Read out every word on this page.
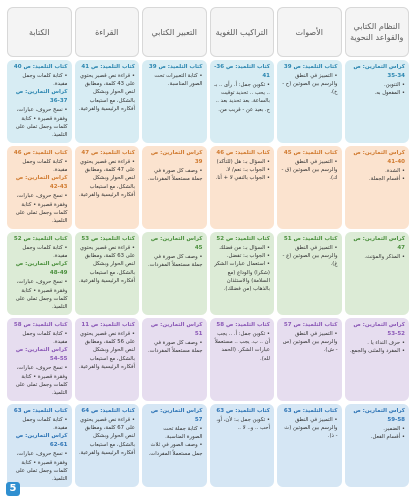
الكتابة	القراءة	التعبير الكتابي	التراكيب اللغوية	الأصوات	النظام الكتابي والقواعد النحوية

كتاب التلميذ: ص 40
• كتابة كلمات وجمل مفيدة.
كراس التمارين: ص 37-36
• نسخ حروف، عبارات، وفقرة قصيرة • كتابة كلمات وجمل تملى على التلميذ.	كتاب التلميذ: ص 41
• قراءة نص قصير يحتوي على 43 كلمة، ومطابق لنص الحوار وبشكل بالشكل، مع استيعاب أفكاره الرئيسية والفرعية.	كتاب التلميذ: ص 39
• كتابة التعبيرات تحت الصور المناسبة.	كتاب التلميذ: ص 36-41
• تكوين جمل: أ. رأى .. بـ .. يحب .. تحديد توقيت بالساعة. بعد تحديد بعد .. ج. بعيد عن - قريب من.	كتاب التلميذ: ص 39
• التمييز في النطق والرسم بين الصوتين (ح - خ).	كراس التمارين: ص 34-35
• التنوين.
• المفعول به.

كتاب التلميذ: ص 46
• كتابة كلمات وجمل مفيدة.
كراس التمارين: ص 43-42
• نسخ حروف، عبارات، وفقرة قصيرة • كتابة كلمات وجمل تملى على التلميذ.	كتاب التلميذ: ص 47
• قراءة نص قصير يحتوي على 47 كلمة، ومطابق لنص الحوار وبشكل بالشكل، مع استيعاب أفكاره الرئيسية والفرعية.	كراس التمارين: ص 39
• وصف كل صورة في جملة مستعملاً المفردات.	كتاب التلميذ: ص 46
• السؤال بـ: هل (للتأكد)
• الجواب بـ: نعم/ لا.
• الجواب بالنفي لا + أنا.	كتاب التلميذ: ص 45
• التمييز في النطق والرسم بين الصوتين (ق - ك).	كراس التمارين: ص 40-41
• الشدة.
• أقسام الجملة.

كتاب التلميذ: ص 52
• كتابة كلمات وجمل مفيدة.
كراس التمارين: ص 49-48
• نسخ حروف، عبارات، وفقرة قصيرة • كتابة كلمات وجمل تملى على التلميذ.	كتاب التلميذ: ص 53
• قراءة نص قصير يحتوي على 63 كلمة، ومطابق لنص الحوار وبشكل بالشكل، مع استيعاب أفكاره الرئيسية والفرعية.	كراس التمارين: ص 45
• وصف كل صورة في جملة مستعملاً المفردات.	كتاب التلميذ: ص 52
• السؤال بـ: من فضلك
• الجواب بـ: تفضل.
• استعمال عبارات الشكر (شكرا) والوداع (مع السلامة) والاستئذان بالذهاب (من فضلك).	كتاب التلميذ: ص 51
• التمييز في النطق والرسم بين الصوتين (ع - غ).	كراس التمارين: ص 47
• المذكر والمؤنث.

كتاب التلميذ: ص 58
• كتابة كلمات وجمل مفيدة.
كراس التمارين: ص 55-54
• نسخ حروف، عبارات، وفقرة قصيرة • كتابة كلمات وجمل تملى على التلميذ.	كتاب التلميذ: ص 11
• قراءة نص قصير يحتوي على 56 كلمة، ومطابق لنص الحوار وبشكل بالشكل، مع استيعاب أفكاره الرئيسية والفرعية.	كراس التمارين: ص 51
• وصف كل صورة في جملة مستعملاً المفردات.	كتاب التلميذ: ص 58
• تكوين جمل: أ. .. يجب أن .. ب. يجب .. مستعملاً عبارات الشكر. (الحمد لله).	كتاب التلميذ: ص 57
• التمييز في النطق والرسم بين الصوتين (س - ش).	كراس التمارين: ص 52-53
• حرف النداء يا .
• المفرد والمثنى والجمع.

كتاب التلميذ: ص 63
• كتابة كلمات وجمل مفيدة.
كراس التمارين: ص 61-62
• نسخ حروف، عبارات، وفقرة قصيرة • كتابة كلمات وجمل تملى على التلميذ.	كتاب التلميذ: ص 64
• قراءة نص قصير يحتوي على 67 كلمة، ومطابق لنص الحوار وبشكل بالشكل، مع استيعاب أفكاره الرئيسية والفرعية.	كراس التمارين: ص 57
• كتابة جملة تحت الصورة المناسبة.
• وصف الصور في ثلاث جمل مستعملاً المفردات.	كتاب التلميذ: ص 63
• تكوين جمل بـ: لأن، أو، أحب .. و.. لا ..	كتاب التلميذ: ص 63
• التمييز في النطق والرسم بين الصوتين (ث - ذ).	كراس التمارين: ص 58-59
• الضمير.
• أقسام الفعل.
5
